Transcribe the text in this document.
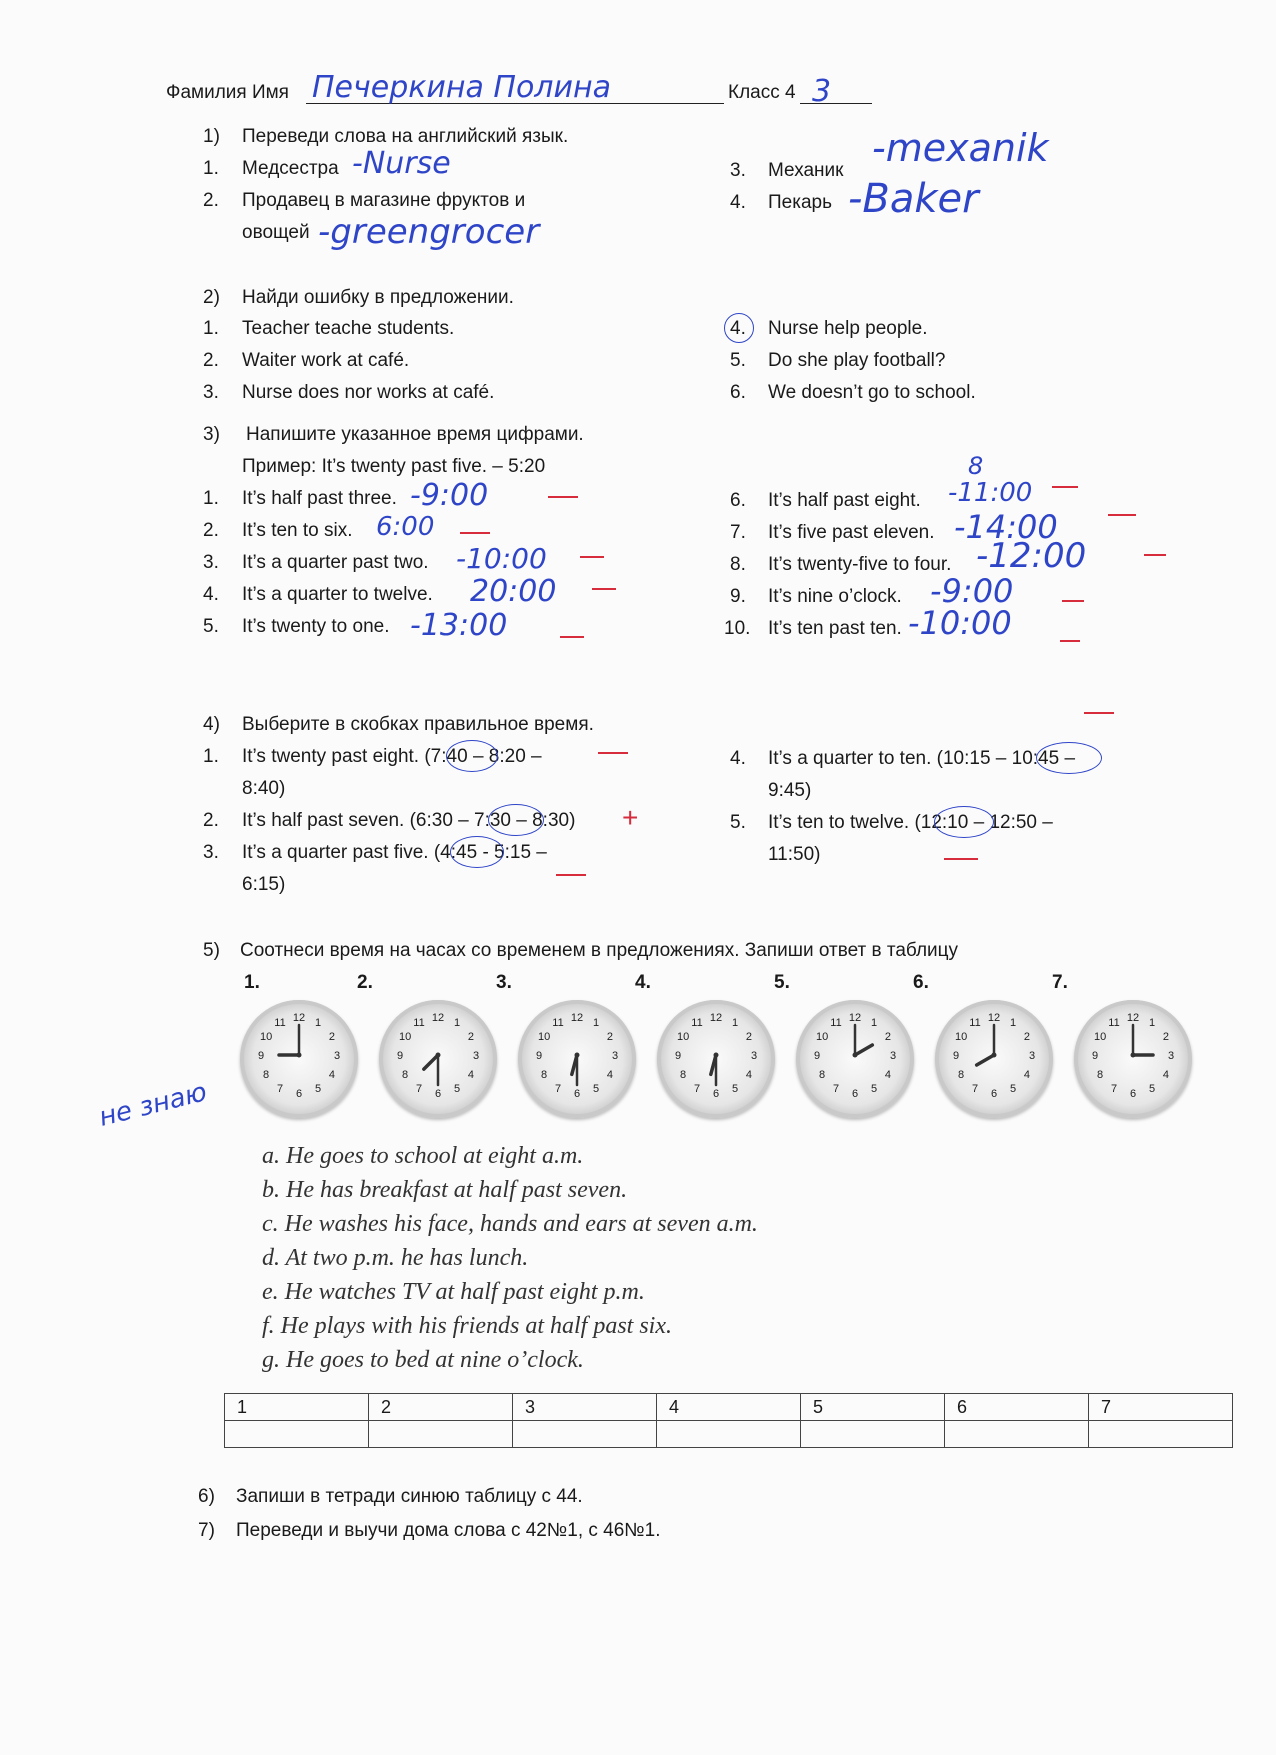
Фамилия Имя Печеркина Полина	Класс 4 3
1) Переведи слова на английский язык.
1. Медсестра -Nurse
2. Продавец в магазине фруктов и
овощей -greengrocer
3. Механик
-mexanik
4. Пекарь -Baker
2) Найди ошибку в предложении.
1. Teacher teache students.
2. Waiter work at café.
3. Nurse does nor works at café.
4. Nurse help people.
5. Do she play football?
6. We doesn’t go to school.
3) Напишите указанное время цифрами.
Пример: It’s twenty past five. – 5:20
1. It’s half past three. -9:00
2. It’s ten to six. 6:00
3. It’s a quarter past two. -10:00
4. It’s a quarter to twelve. 20:00
5. It’s twenty to one. -13:00
6. It’s half past eight. -11:00
8
7. It’s five past eleven. -14:00
8. It’s twenty-five to four. -12:00
9. It’s nine o’clock. -9:00
10. It’s ten past ten. -10:00
4) Выберите в скобках правильное время.
1. It’s twenty past eight. (7:40 – 8:20 –
8:40)
2. It’s half past seven. (6:30 – 7:30 – 8:30) +
3. It’s a quarter past five. (4:45 - 5:15 –
6:15)
4. It’s a quarter to ten. (10:15 – 10:45 –
9:45)
5. It’s ten to twelve. (12:10 – 12:50 –
11:50)
5) Соотнеси время на часах со временем в предложениях. Запиши ответ в таблицу
1.
12 1
2
3
4
5
6
7
8
9
10
11
2.
12 1
2
3
4
5
6
7
8
9
10
11
3.
12 1
2
3
4
5
6
7
8
9
10
11
4.
12 1
2
3
4
5
6
7
8
9
10
11
5.
12 1
2
3
4
5
6
7
8
9
10
11
6.
12 1
2
3
4
5
6
7
8
9
10
11
7.
12 1
2
3
4
5
6
7
8
9
10
11
не знаю
a. He goes to school at eight a.m.
b. He has breakfast at half past seven.
c. He washes his face, hands and ears at seven a.m.
d. At two p.m. he has lunch.
e. He watches TV at half past eight p.m.
f. He plays with his friends at half past six.
g. He goes to bed at nine o’clock.
1	2	3	4	5	6	7

6) Запиши в тетради синюю таблицу с 44.
7) Переведи и выучи дома слова с 42№1, с 46№1.
